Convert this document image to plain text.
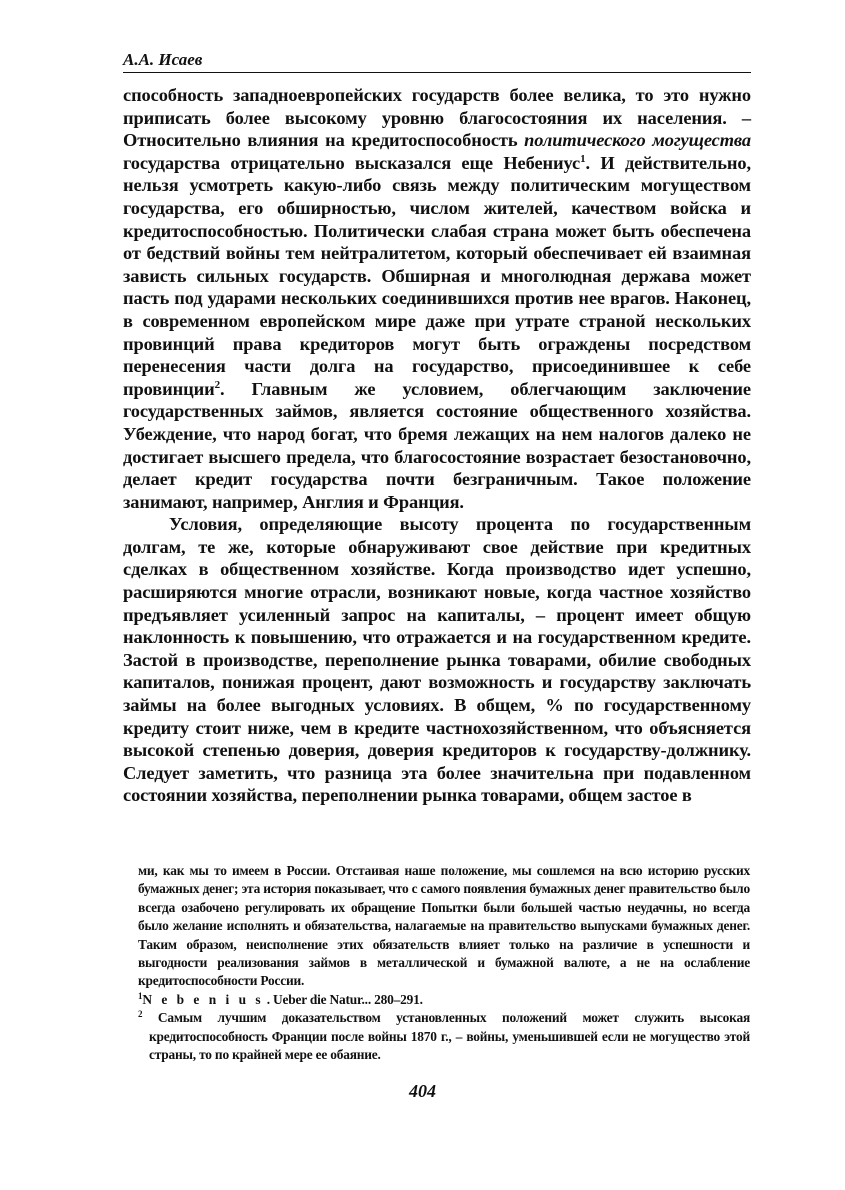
А.А. Исаев

способность западноевропейских государств более велика, то это нужно приписать более высокому уровню благосостояния их населения. – Относительно влияния на кредитоспособность политического могущества государства отрицательно высказался еще Небениус$^1$. И действительно, нельзя усмотреть какую-либо связь между политическим могуществом государства, его обширностью, числом жителей, качеством войска и кредитоспособностью. Политически слабая страна может быть обеспечена от бедствий войны тем нейтралитетом, который обеспечивает ей взаимная зависть сильных государств. Обширная и многолюдная держава может пасть под ударами нескольких соединившихся против нее врагов. Наконец, в современном европейском мире даже при утрате страной нескольких провинций права кредиторов могут быть ограждены посредством перенесения части долга на государство, присоединившее к себе провинции$^2$. Главным же условием, облегчающим заключение государственных займов, является состояние общественного хозяйства. Убеждение, что народ богат, что бремя лежащих на нем налогов далеко не достигает высшего предела, что благосостояние возрастает безостановочно, делает кредит государства почти безграничным. Такое положение занимают, например, Англия и Франция.

Условия, определяющие высоту процента по государственным долгам, те же, которые обнаруживают свое действие при кредитных сделках в общественном хозяйстве. Когда производство идет успешно, расширяются многие отрасли, возникают новые, когда частное хозяйство предъявляет усиленный запрос на капиталы, – процент имеет общую наклонность к повышению, что отражается и на государственном кредите. Застой в производстве, переполнение рынка товарами, обилие свободных капиталов, понижая процент, дают возможность и государству заключать займы на более выгодных условиях. В общем, % по государственному кредиту стоит ниже, чем в кредите частнохозяйственном, что объясняется высокой степенью доверия, доверия кредиторов к государству-должнику. Следует заметить, что разница эта более значительна при подавленном состоянии хозяйства, переполнении рынка товарами, общем застое в

ми, как мы то имеем в России. Отстаивая наше положение, мы сошлемся на всю историю русских бумажных денег; эта история показывает, что с самого появления бумажных денег правительство было всегда озабочено регулировать их обращение Попытки были большей частью неудачны, но всегда было желание исполнять и обязательства, налагаемые на правительство выпусками бумажных денег. Таким образом, неисполнение этих обязательств влияет только на различие в успешности и выгодности реализования займов в металлической и бумажной валюте, а не на ослабление кредитоспособности России.

$^1$N e b e n i u s . Ueber die Natur... 280–291.

$^2$ Самым лучшим доказательством установленных положений может служить высокая кредитоспособность Франции после войны 1870 г., – войны, уменьшившей если не могущество этой страны, то по крайней мере ее обаяние.

404
